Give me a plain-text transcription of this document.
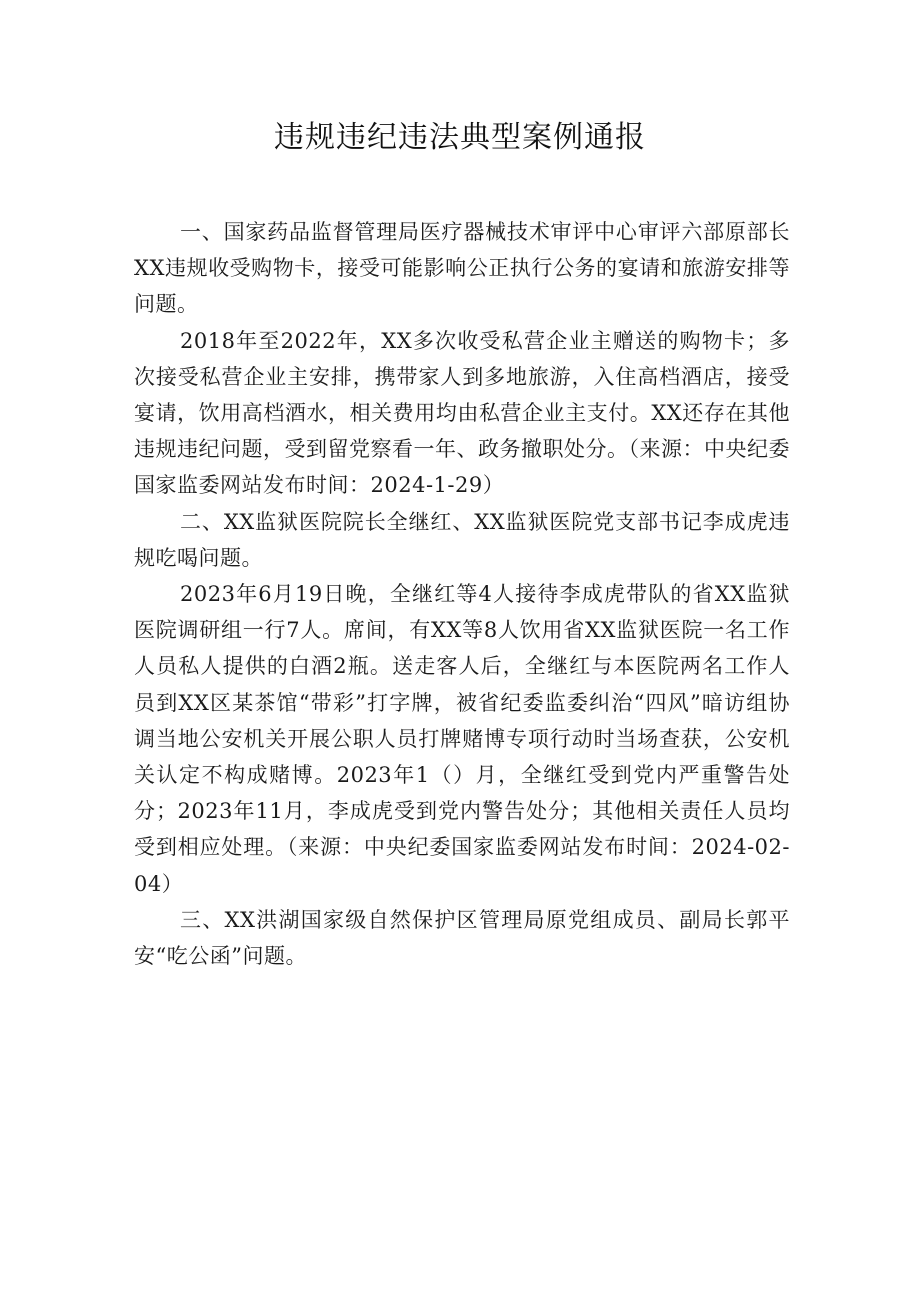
违规违纪违法典型案例通报

一、国家药品监督管理局医疗器械技术审评中心审评六部原部长XX违规收受购物卡，接受可能影响公正执行公务的宴请和旅游安排等问题。

2018年至2022年，XX多次收受私营企业主赠送的购物卡；多次接受私营企业主安排，携带家人到多地旅游，入住高档酒店，接受宴请，饮用高档酒水，相关费用均由私营企业主支付。XX还存在其他违规违纪问题，受到留党察看一年、政务撤职处分。（来源：中央纪委国家监委网站发布时间：2024-1-29）

二、XX监狱医院院长全继红、XX监狱医院党支部书记李成虎违规吃喝问题。

2023年6月19日晚，全继红等4人接待李成虎带队的省XX监狱医院调研组一行7人。席间，有XX等8人饮用省XX监狱医院一名工作人员私人提供的白酒2瓶。送走客人后，全继红与本医院两名工作人员到XX区某茶馆“带彩”打字牌，被省纪委监委纠治“四风”暗访组协调当地公安机关开展公职人员打牌赌博专项行动时当场查获，公安机关认定不构成赌博。2023年1（）月，全继红受到党内严重警告处分；2023年11月，李成虎受到党内警告处分；其他相关责任人员均受到相应处理。（来源：中央纪委国家监委网站发布时间：2024-02-04）

三、XX洪湖国家级自然保护区管理局原党组成员、副局长郭平安“吃公函”问题。
